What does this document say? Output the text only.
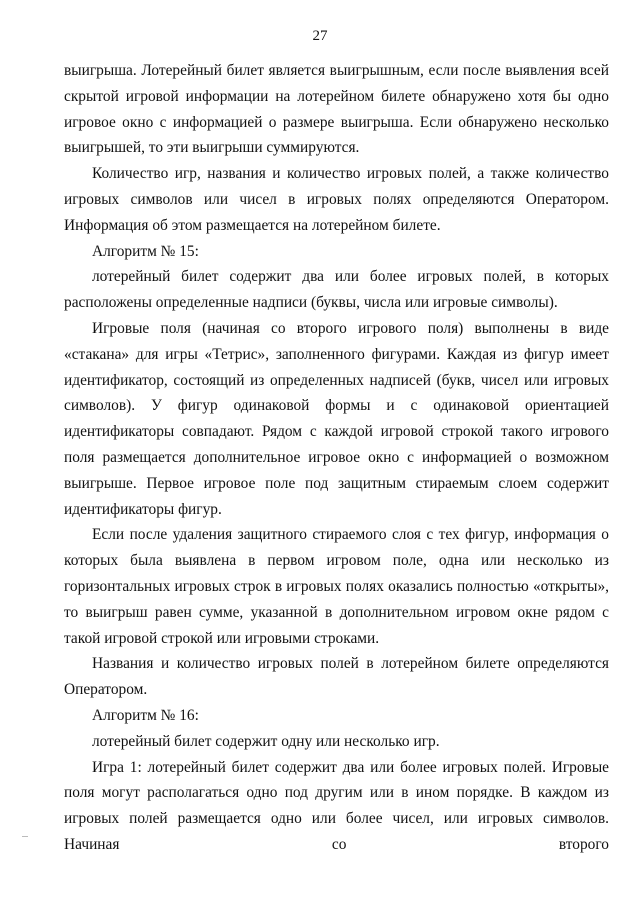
27

выигрыша. Лотерейный билет является выигрышным, если после выявления всей скрытой игровой информации на лотерейном билете обнаружено хотя бы одно игровое окно с информацией о размере выигрыша. Если обнаружено несколько выигрышей, то эти выигрыши суммируются.

Количество игр, названия и количество игровых полей, а также количество игровых символов или чисел в игровых полях определяются Оператором. Информация об этом размещается на лотерейном билете.

Алгоритм № 15:

лотерейный билет содержит два или более игровых полей, в которых расположены определенные надписи (буквы, числа или игровые символы).

Игровые поля (начиная со второго игрового поля) выполнены в виде «стакана» для игры «Тетрис», заполненного фигурами. Каждая из фигур имеет идентификатор, состоящий из определенных надписей (букв, чисел или игровых символов). У фигур одинаковой формы и с одинаковой ориентацией идентификаторы совпадают. Рядом с каждой игровой строкой такого игрового поля размещается дополнительное игровое окно с информацией о возможном выигрыше. Первое игровое поле под защитным стираемым слоем содержит идентификаторы фигур.

Если после удаления защитного стираемого слоя с тех фигур, информация о которых была выявлена в первом игровом поле, одна или несколько из горизонтальных игровых строк в игровых полях оказались полностью «открыты», то выигрыш равен сумме, указанной в дополнительном игровом окне рядом с такой игровой строкой или игровыми строками.

Названия и количество игровых полей в лотерейном билете определяются Оператором.

Алгоритм № 16:

лотерейный билет содержит одну или несколько игр.

Игра 1: лотерейный билет содержит два или более игровых полей. Игровые поля могут располагаться одно под другим или в ином порядке. В каждом из игровых полей размещается одно или более чисел, или игровых символов. Начиная со второго
